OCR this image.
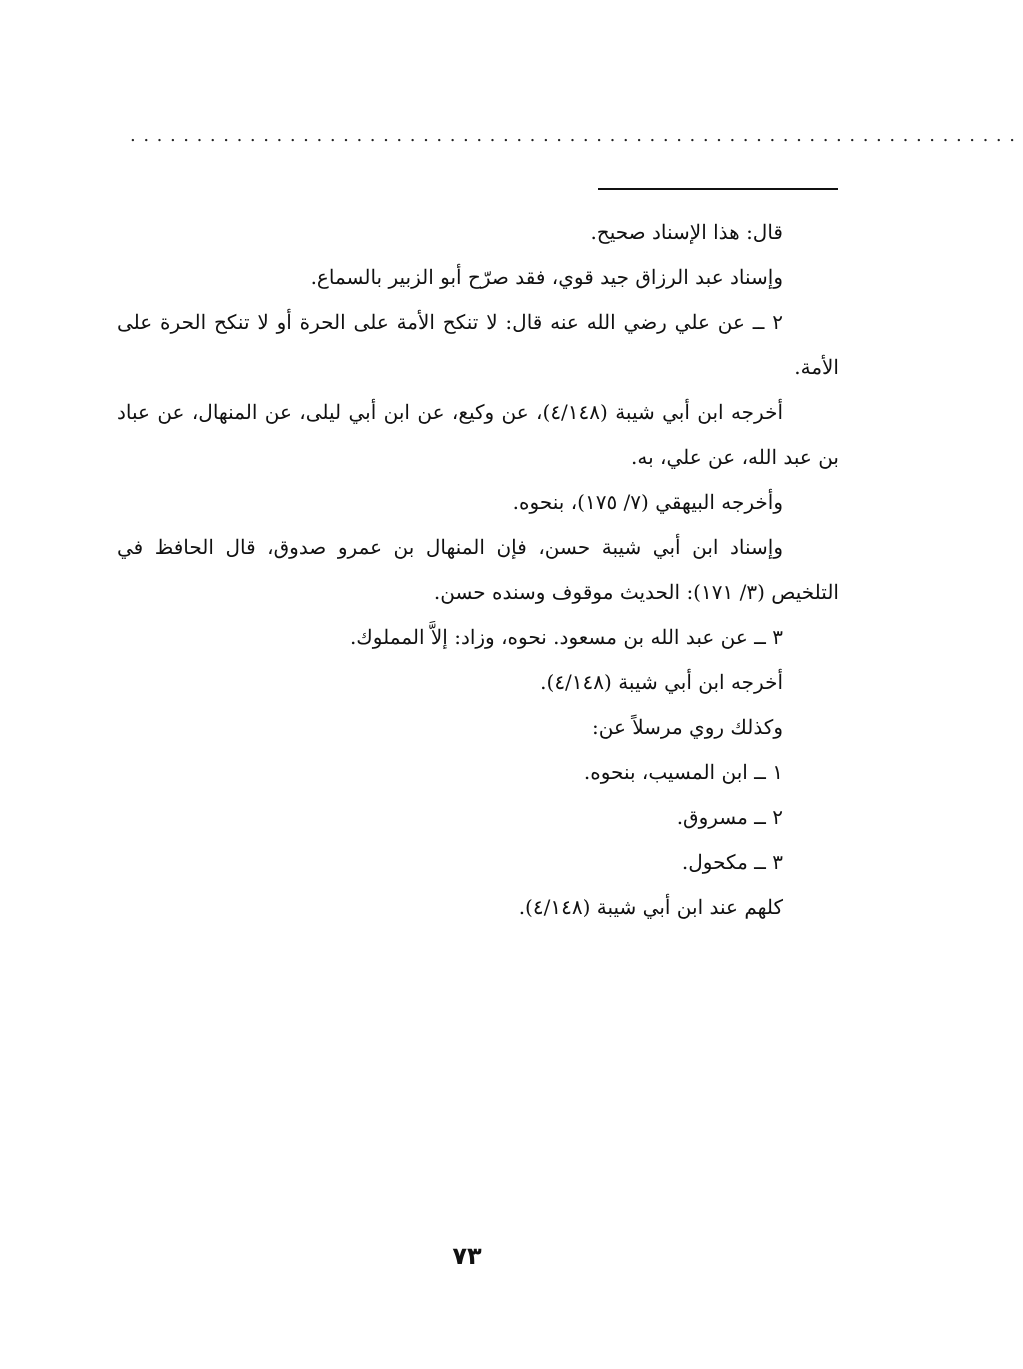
...................................................................

قال: هذا الإسناد صحيح.

وإسناد عبد الرزاق جيد قوي، فقد صرّح أبو الزبير بالسماع.

٢ ــ عن علي رضي الله عنه قال: لا تنكح الأمة على الحرة أو لا تنكح الحرة على الأمة.

أخرجه ابن أبي شيبة (٤/١٤٨)، عن وكيع، عن ابن أبي ليلى، عن المنهال، عن عباد بن عبد الله، عن علي، به.

وأخرجه البيهقي (٧/ ١٧٥)، بنحوه.

وإسناد ابن أبي شيبة حسن، فإن المنهال بن عمرو صدوق، قال الحافظ في التلخيص (٣/ ١٧١): الحديث موقوف وسنده حسن.

٣ ــ عن عبد الله بن مسعود. نحوه، وزاد: إلاَّ المملوك.

أخرجه ابن أبي شيبة (٤/١٤٨).

وكذلك روي مرسلاً عن:

١ ــ ابن المسيب، بنحوه.

٢ ــ مسروق.

٣ ــ مكحول.

كلهم عند ابن أبي شيبة (٤/١٤٨).

٧٣
